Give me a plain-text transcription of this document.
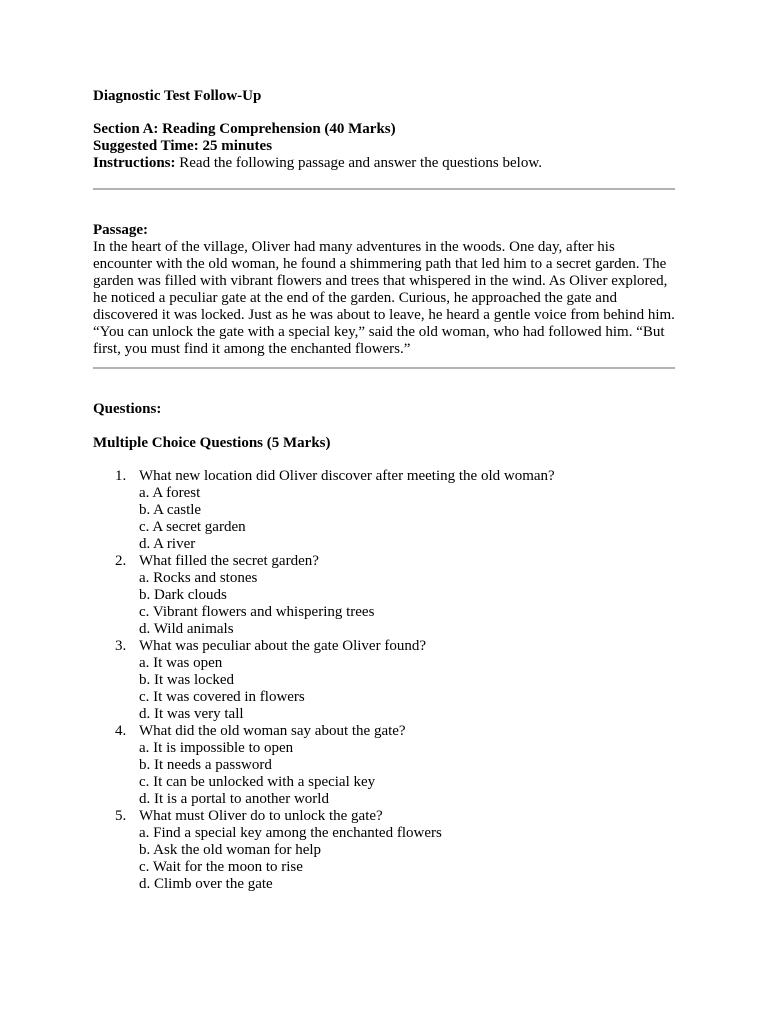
Diagnostic Test Follow-Up
Section A: Reading Comprehension (40 Marks)
Suggested Time: 25 minutes
Instructions: Read the following passage and answer the questions below.
Passage:
In the heart of the village, Oliver had many adventures in the woods. One day, after his encounter with the old woman, he found a shimmering path that led him to a secret garden. The garden was filled with vibrant flowers and trees that whispered in the wind. As Oliver explored, he noticed a peculiar gate at the end of the garden. Curious, he approached the gate and discovered it was locked. Just as he was about to leave, he heard a gentle voice from behind him. “You can unlock the gate with a special key,” said the old woman, who had followed him. “But first, you must find it among the enchanted flowers.”
Questions:
Multiple Choice Questions (5 Marks)
1. What new location did Oliver discover after meeting the old woman?
a. A forest
b. A castle
c. A secret garden
d. A river
2. What filled the secret garden?
a. Rocks and stones
b. Dark clouds
c. Vibrant flowers and whispering trees
d. Wild animals
3. What was peculiar about the gate Oliver found?
a. It was open
b. It was locked
c. It was covered in flowers
d. It was very tall
4. What did the old woman say about the gate?
a. It is impossible to open
b. It needs a password
c. It can be unlocked with a special key
d. It is a portal to another world
5. What must Oliver do to unlock the gate?
a. Find a special key among the enchanted flowers
b. Ask the old woman for help
c. Wait for the moon to rise
d. Climb over the gate
